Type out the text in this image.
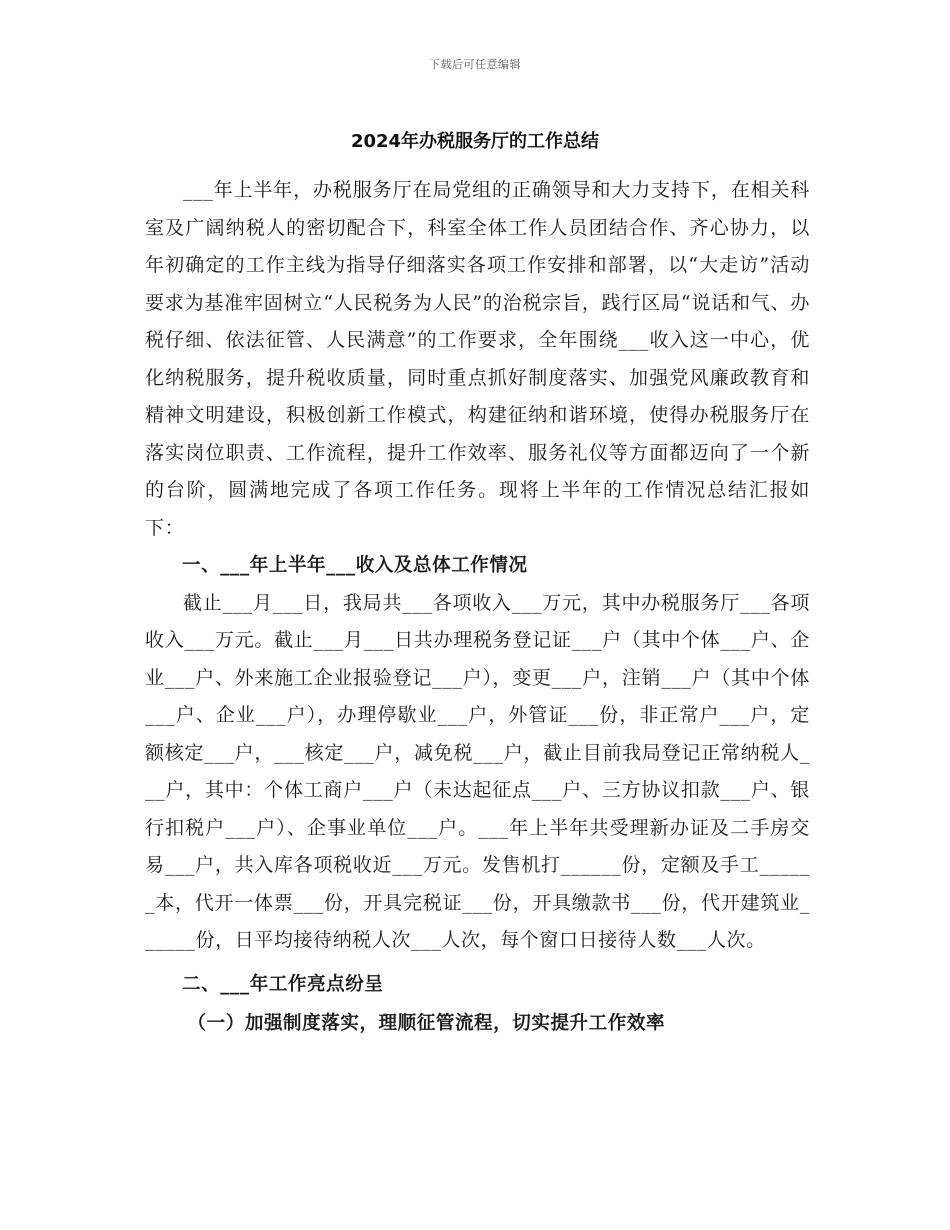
下载后可任意编辑
2024年办税服务厅的工作总结

___年上半年，办税服务厅在局党组的正确领导和大力支持下，在相关科室及广阔纳税人的密切配合下，科室全体工作人员团结合作、齐心协力，以年初确定的工作主线为指导仔细落实各项工作安排和部署，以“大走访”活动要求为基准牢固树立“人民税务为人民”的治税宗旨，践行区局“说话和气、办税仔细、依法征管、人民满意”的工作要求，全年围绕___收入这一中心，优化纳税服务，提升税收质量，同时重点抓好制度落实、加强党风廉政教育和精神文明建设，积极创新工作模式，构建征纳和谐环境，使得办税服务厅在落实岗位职责、工作流程，提升工作效率、服务礼仪等方面都迈向了一个新的台阶，圆满地完成了各项工作任务。现将上半年的工作情况总结汇报如下：

一、___年上半年___收入及总体工作情况

截止___月___日，我局共___各项收入___万元，其中办税服务厅___各项收入___万元。截止___月___日共办理税务登记证___户（其中个体___户、企业___户、外来施工企业报验登记___户），变更___户，注销___户（其中个体___户、企业___户），办理停歇业___户，外管证___份，非正常户___户，定额核定___户，___核定___户，减免税___户，截止目前我局登记正常纳税人___户，其中：个体工商户___户（未达起征点___户、三方协议扣款___户、银行扣税户___户）、企事业单位___户。___年上半年共受理新办证及二手房交易___户，共入库各项税收近___万元。发售机打______份，定额及手工______本，代开一体票___份，开具完税证___份，开具缴款书___份，代开建筑业______份，日平均接待纳税人次___人次，每个窗口日接待人数___人次。

二、___年工作亮点纷呈

（一）加强制度落实，理顺征管流程，切实提升工作效率
